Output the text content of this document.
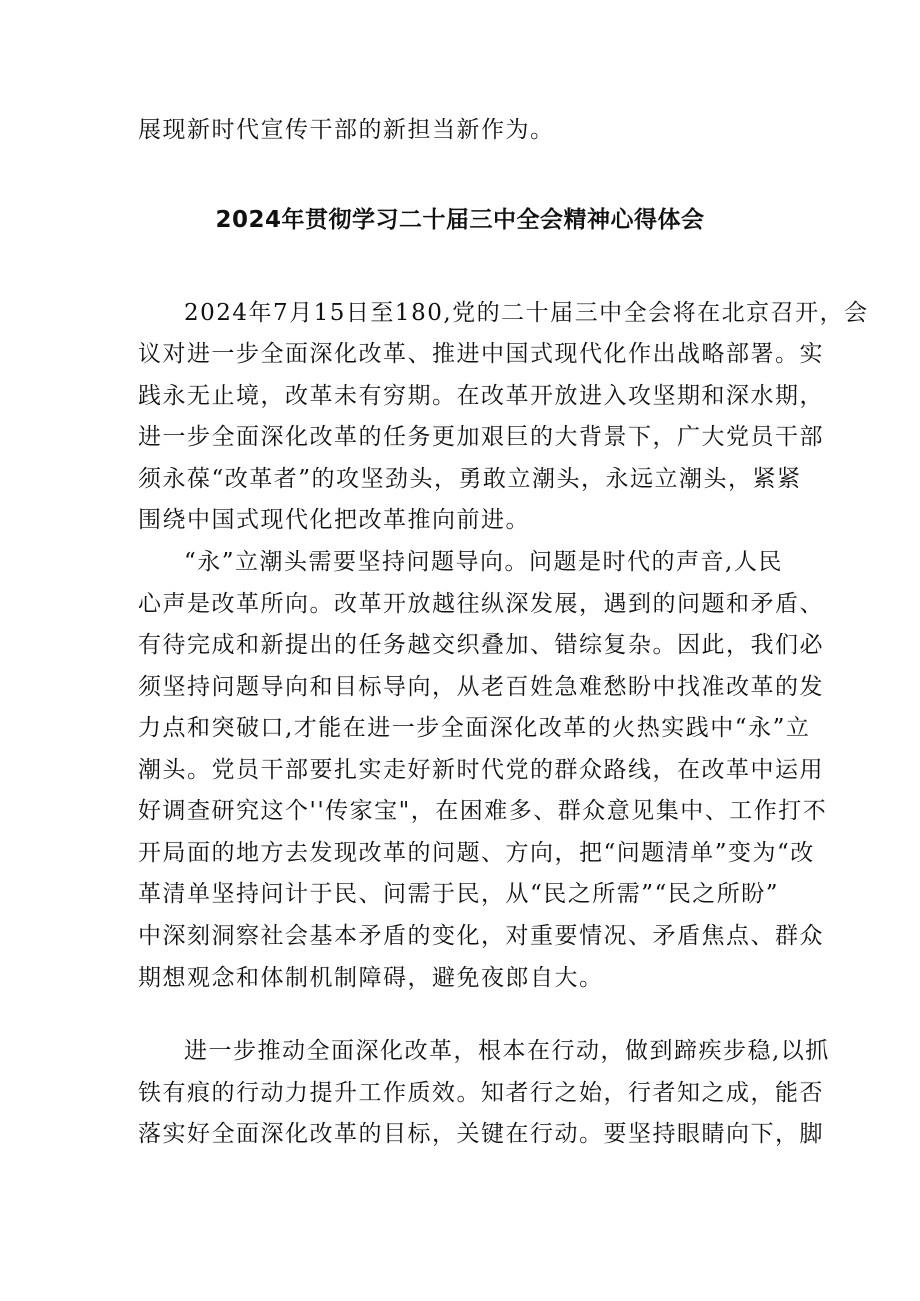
展现新时代宣传干部的新担当新作为。
2024年贯彻学习二十届三中全会精神心得体会
2024年7月15日至180,党的二十届三中全会将在北京召开，会
议对进一步全面深化改革、推进中国式现代化作出战略部署。实
践永无止境，改革未有穷期。在改革开放进入攻坚期和深水期，
进一步全面深化改革的任务更加艰巨的大背景下，广大党员干部
须永葆“改革者”的攻坚劲头，勇敢立潮头，永远立潮头，紧紧
围绕中国式现代化把改革推向前进。
“永”立潮头需要坚持问题导向。问题是时代的声音,人民
心声是改革所向。改革开放越往纵深发展，遇到的问题和矛盾、
有待完成和新提出的任务越交织叠加、错综复杂。因此，我们必
须坚持问题导向和目标导向，从老百姓急难愁盼中找准改革的发
力点和突破口,才能在进一步全面深化改革的火热实践中“永”立
潮头。党员干部要扎实走好新时代党的群众路线，在改革中运用
好调查研究这个''传家宝"，在困难多、群众意见集中、工作打不
开局面的地方去发现改革的问题、方向，把“问题清单”变为“改
革清单坚持问计于民、问需于民，从“民之所需”“民之所盼”
中深刻洞察社会基本矛盾的变化，对重要情况、矛盾焦点、群众
期想观念和体制机制障碍，避免夜郎自大。
进一步推动全面深化改革，根本在行动，做到蹄疾步稳,以抓
铁有痕的行动力提升工作质效。知者行之始，行者知之成，能否
落实好全面深化改革的目标，关键在行动。要坚持眼睛向下，脚
